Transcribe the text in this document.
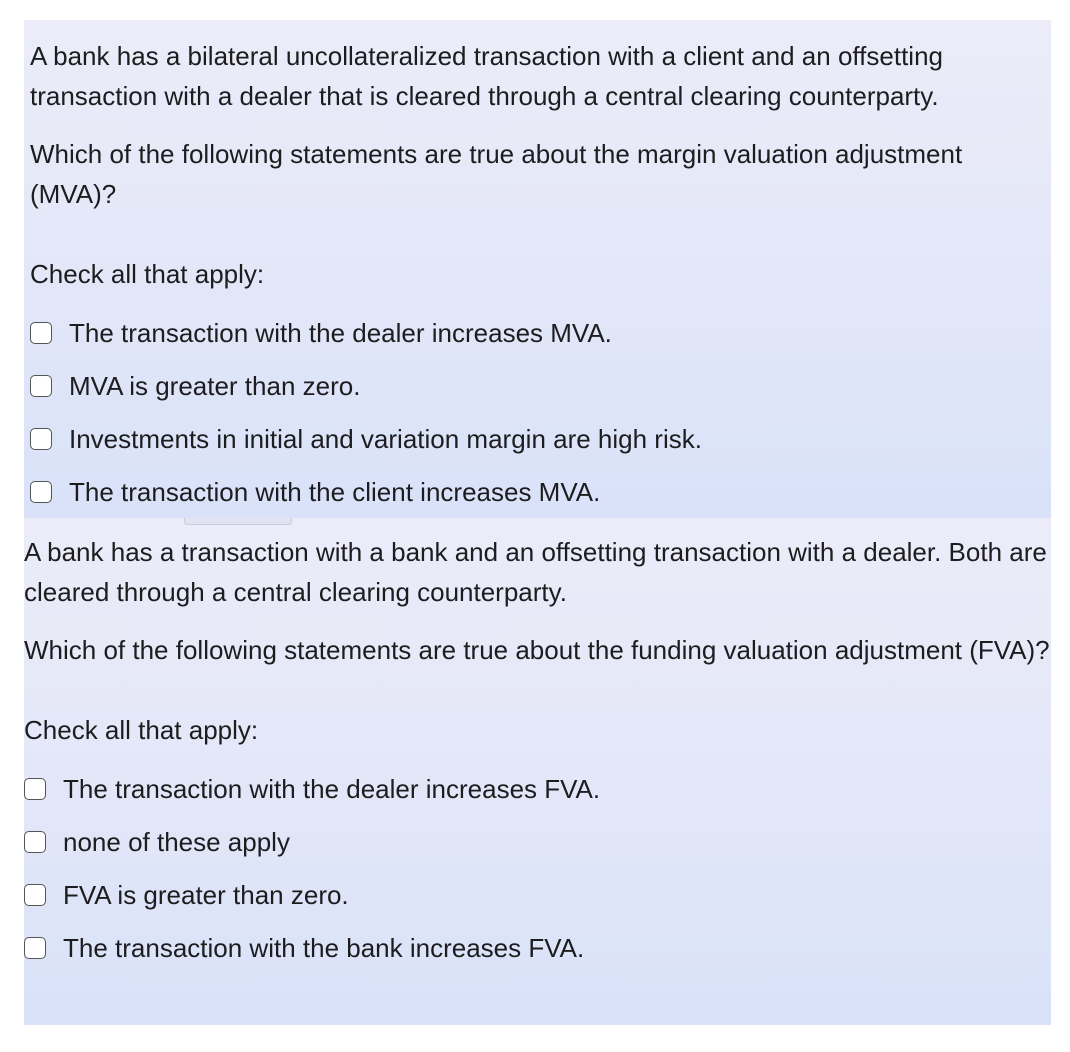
A bank has a bilateral uncollateralized transaction with a client and an offsetting transaction with a dealer that is cleared through a central clearing counterparty.

Which of the following statements are true about the margin valuation adjustment (MVA)?

Check all that apply:

The transaction with the dealer increases MVA.
MVA is greater than zero.
Investments in initial and variation margin are high risk.
The transaction with the client increases MVA.

A bank has a transaction with a bank and an offsetting transaction with a dealer. Both are cleared through a central clearing counterparty.

Which of the following statements are true about the funding valuation adjustment (FVA)?

Check all that apply:

The transaction with the dealer increases FVA.
none of these apply
FVA is greater than zero.
The transaction with the bank increases FVA.
